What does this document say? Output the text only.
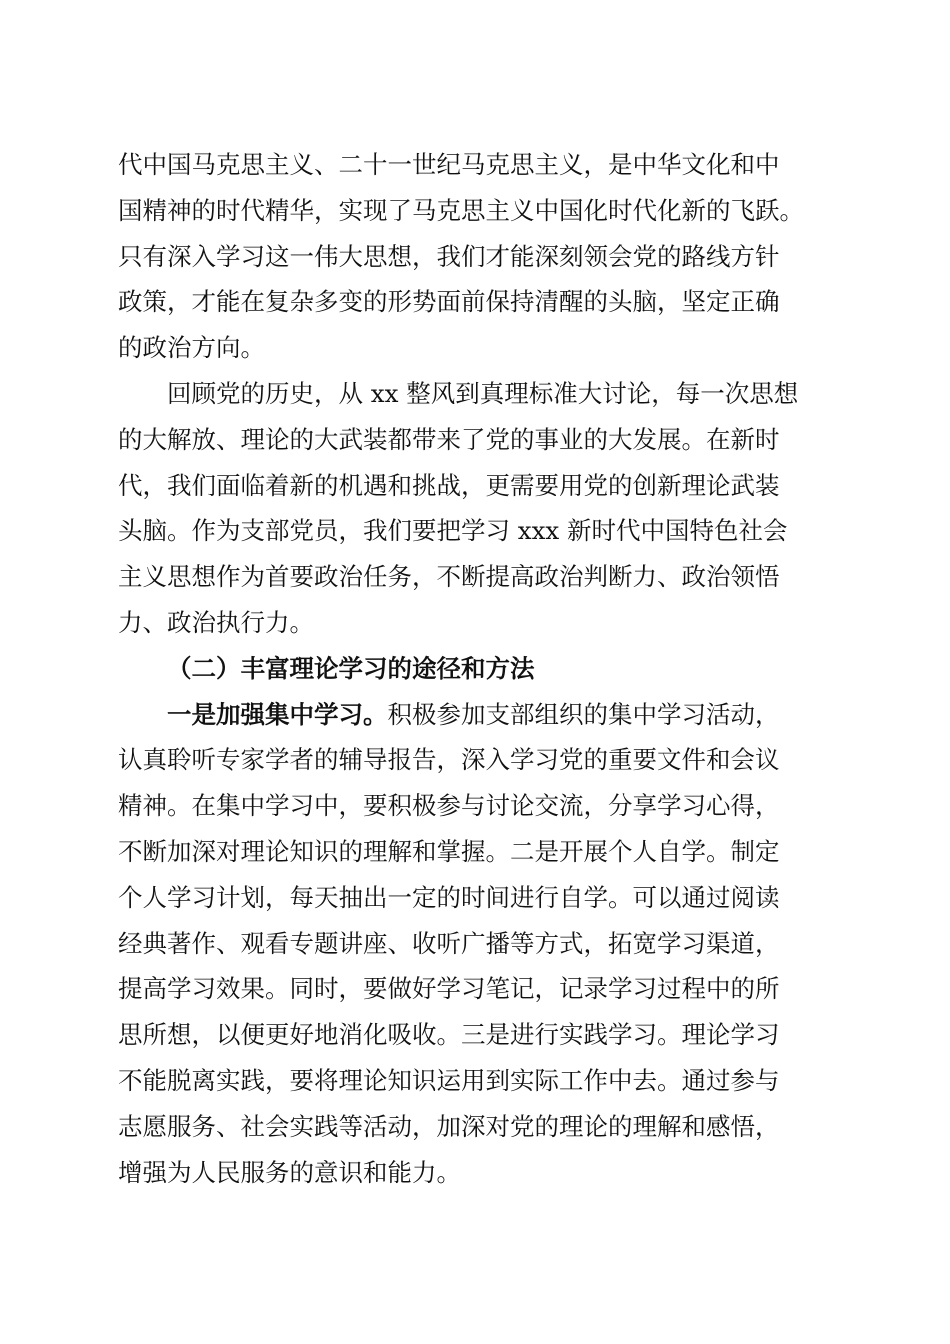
代中国马克思主义、二十一世纪马克思主义，是中华文化和中
国精神的时代精华，实现了马克思主义中国化时代化新的飞跃。
只有深入学习这一伟大思想，我们才能深刻领会党的路线方针
政策，才能在复杂多变的形势面前保持清醒的头脑，坚定正确
的政治方向。
回顾党的历史，从 xx 整风到真理标准大讨论，每一次思想
的大解放、理论的大武装都带来了党的事业的大发展。在新时
代，我们面临着新的机遇和挑战，更需要用党的创新理论武装
头脑。作为支部党员，我们要把学习 xxx 新时代中国特色社会
主义思想作为首要政治任务，不断提高政治判断力、政治领悟
力、政治执行力。
（二）丰富理论学习的途径和方法
一是加强集中学习。积极参加支部组织的集中学习活动，
认真聆听专家学者的辅导报告，深入学习党的重要文件和会议
精神。在集中学习中，要积极参与讨论交流，分享学习心得，
不断加深对理论知识的理解和掌握。二是开展个人自学。制定
个人学习计划，每天抽出一定的时间进行自学。可以通过阅读
经典著作、观看专题讲座、收听广播等方式，拓宽学习渠道，
提高学习效果。同时，要做好学习笔记，记录学习过程中的所
思所想，以便更好地消化吸收。三是进行实践学习。理论学习
不能脱离实践，要将理论知识运用到实际工作中去。通过参与
志愿服务、社会实践等活动，加深对党的理论的理解和感悟，
增强为人民服务的意识和能力。
